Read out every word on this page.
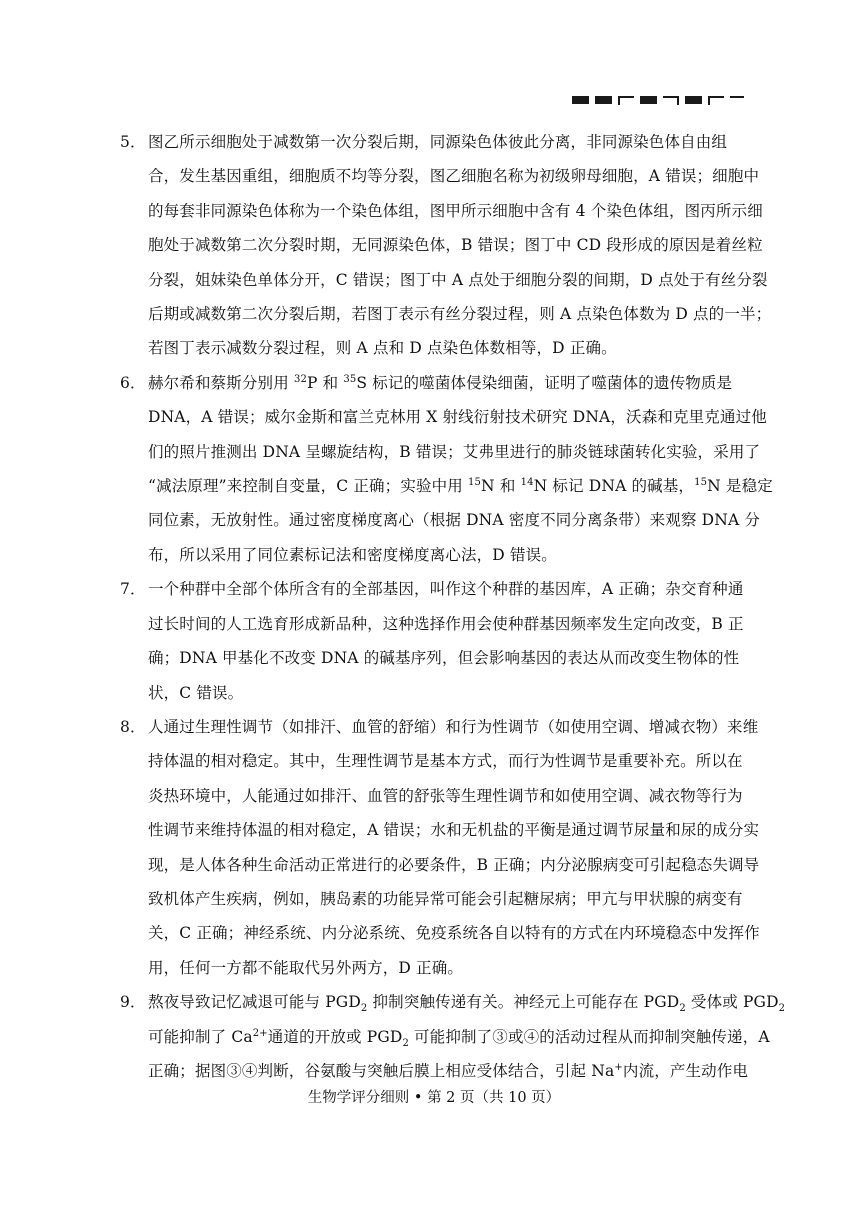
5． 图乙所示细胞处于减数第一次分裂后期，同源染色体彼此分离，非同源染色体自由组
合，发生基因重组，细胞质不均等分裂，图乙细胞名称为初级卵母细胞，A 错误；细胞中
的每套非同源染色体称为一个染色体组，图甲所示细胞中含有 4 个染色体组，图丙所示细
胞处于减数第二次分裂时期，无同源染色体，B 错误；图丁中 CD 段形成的原因是着丝粒
分裂，姐妹染色单体分开，C 错误；图丁中 A 点处于细胞分裂的间期，D 点处于有丝分裂
后期或减数第二次分裂后期，若图丁表示有丝分裂过程，则 A 点染色体数为 D 点的一半；
若图丁表示减数分裂过程，则 A 点和 D 点染色体数相等，D 正确。
6． 赫尔希和蔡斯分别用 $^{32}$P 和 $^{35}$S 标记的噬菌体侵染细菌，证明了噬菌体的遗传物质是
DNA，A 错误；威尔金斯和富兰克林用 X 射线衍射技术研究 DNA，沃森和克里克通过他
们的照片推测出 DNA 呈螺旋结构，B 错误；艾弗里进行的肺炎链球菌转化实验，采用了
“减法原理”来控制自变量，C 正确；实验中用 $^{15}$N 和 $^{14}$N 标记 DNA 的碱基，$^{15}$N 是稳定
同位素，无放射性。通过密度梯度离心（根据 DNA 密度不同分离条带）来观察 DNA 分
布，所以采用了同位素标记法和密度梯度离心法，D 错误。
7． 一个种群中全部个体所含有的全部基因，叫作这个种群的基因库，A 正确；杂交育种通
过长时间的人工选育形成新品种，这种选择作用会使种群基因频率发生定向改变，B 正
确；DNA 甲基化不改变 DNA 的碱基序列，但会影响基因的表达从而改变生物体的性
状，C 错误。
8． 人通过生理性调节（如排汗、血管的舒缩）和行为性调节（如使用空调、增减衣物）来维
持体温的相对稳定。其中，生理性调节是基本方式，而行为性调节是重要补充。所以在
炎热环境中，人能通过如排汗、血管的舒张等生理性调节和如使用空调、减衣物等行为
性调节来维持体温的相对稳定，A 错误；水和无机盐的平衡是通过调节尿量和尿的成分实
现，是人体各种生命活动正常进行的必要条件，B 正确；内分泌腺病变可引起稳态失调导
致机体产生疾病，例如，胰岛素的功能异常可能会引起糖尿病；甲亢与甲状腺的病变有
关，C 正确；神经系统、内分泌系统、免疫系统各自以特有的方式在内环境稳态中发挥作
用，任何一方都不能取代另外两方，D 正确。
9． 熬夜导致记忆减退可能与 $PGD_2$ 抑制突触传递有关。神经元上可能存在 $PGD_2$ 受体或 $PGD_2$
可能抑制了 $Ca^{2+}$通道的开放或 $PGD_2$ 可能抑制了③或④的活动过程从而抑制突触传递，A
正确；据图③④判断，谷氨酸与突触后膜上相应受体结合，引起 Na+内流，产生动作电
生物学评分细则 • 第 2 页（共 10 页）
